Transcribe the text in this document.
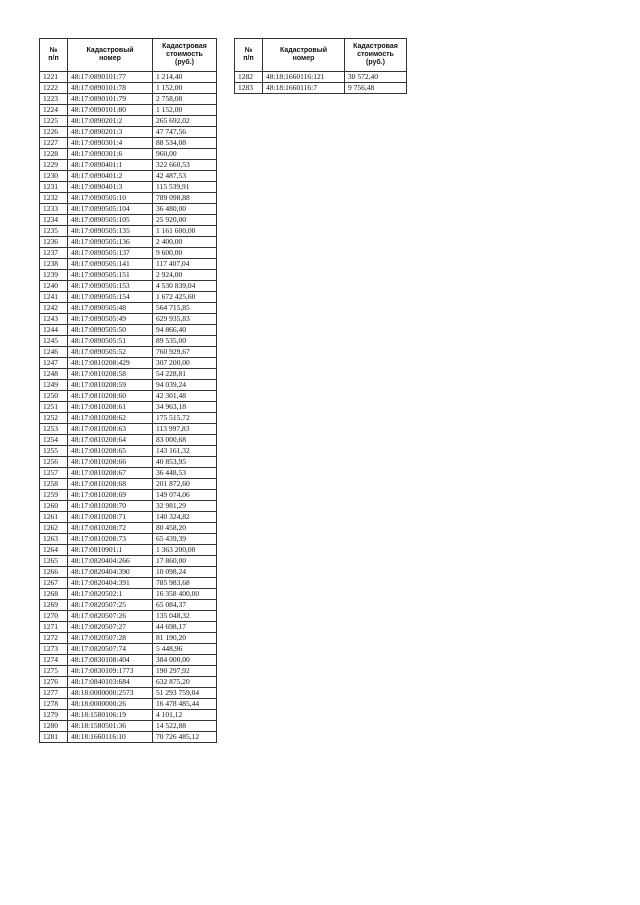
№
п/п	Кадастровый
номер	Кадастровая
стоимость
(руб.)
1221	48:17:0890101:77	1 214,40
1222	48:17:0890101:78	1 152,00
1223	48:17:0890101:79	2 758,08
1224	48:17:0890101:80	1 152,00
1225	48:17:0890201:2	265 692,02
1226	48:17:0890201:3	47 747,56
1227	48:17:0890301:4	88 534,08
1228	48:17:0890301:6	960,00
1229	48:17:0890401:1	322 660,53
1230	48:17:0890401:2	42 487,53
1231	48:17:0890401:3	115 539,91
1232	48:17:0890505:10	789 098,88
1233	48:17:0890505:104	36 480,00
1234	48:17:0890505:105	25 920,00
1235	48:17:0890505:135	1 161 600,00
1236	48:17:0890505:136	2 400,00
1237	48:17:0890505:137	9 600,00
1238	48:17:0890505:141	117 407,04
1239	48:17:0890505:151	2 924,00
1240	48:17:0890505:153	4 530 839,04
1241	48:17:0890505:154	1 672 425,60
1242	48:17:0890505:48	564 715,85
1243	48:17:0890505:49	629 935,83
1244	48:17:0890505:50	94 866,40
1245	48:17:0890505:51	89 535,00
1246	48:17:0890505:52	760 929,67
1247	48:17:0810208:429	307 200,00
1248	48:17:0810208:58	54 228,81
1249	48:17:0810208:59	94 039,24
1250	48:17:0810208:60	42 301,48
1251	48:17:0810208:61	34 963,18
1252	48:17:0810208:62	175 515,72
1253	48:17:0810208:63	113 997,83
1254	48:17:0810208:64	83 000,68
1255	48:17:0810208:65	143 161,32
1256	48:17:0810208:66	40 853,95
1257	48:17:0810208:67	36 448,53
1258	48:17:0810208:68	201 872,60
1259	48:17:0810208:69	149 074,06
1260	48:17:0810208:70	32 981,29
1261	48:17:0810208:71	140 324,82
1262	48:17:0810208:72	80 458,20
1263	48:17:0810208:73	65 439,39
1264	48:17:0810901:1	1 363 200,00
1265	48:17:0820404:266	17 860,00
1266	48:17:0820404:390	10 098,24
1267	48:17:0820404:391	785 983,68
1268	48:17:0820502:1	16 358 400,00
1269	48:17:0820507:25	65 084,37
1270	48:17:0820507:26	135 048,32
1271	48:17:0820507:27	44 698,17
1272	48:17:0820507:28	81 190,20
1273	48:17:0820507:74	5 448,96
1274	48:17:0830108:404	384 000,00
1275	48:17:0830109:1773	190 297,92
1276	48:17:0840103:684	632 875,20
1277	48:18:0000000:2573	51 293 759,04
1278	48:18:0000000:26	16 478 485,44
1279	48:18:1580106:19	4 101,12
1280	48:18:1580501:36	14 522,88
1281	48:18:1660116:10	70 726 485,12
№
п/п	Кадастровый
номер	Кадастровая
стоимость
(руб.)
1282	48:18:1660116:121	30 572,40
1283	48:18:1660116:7	9 756,48
